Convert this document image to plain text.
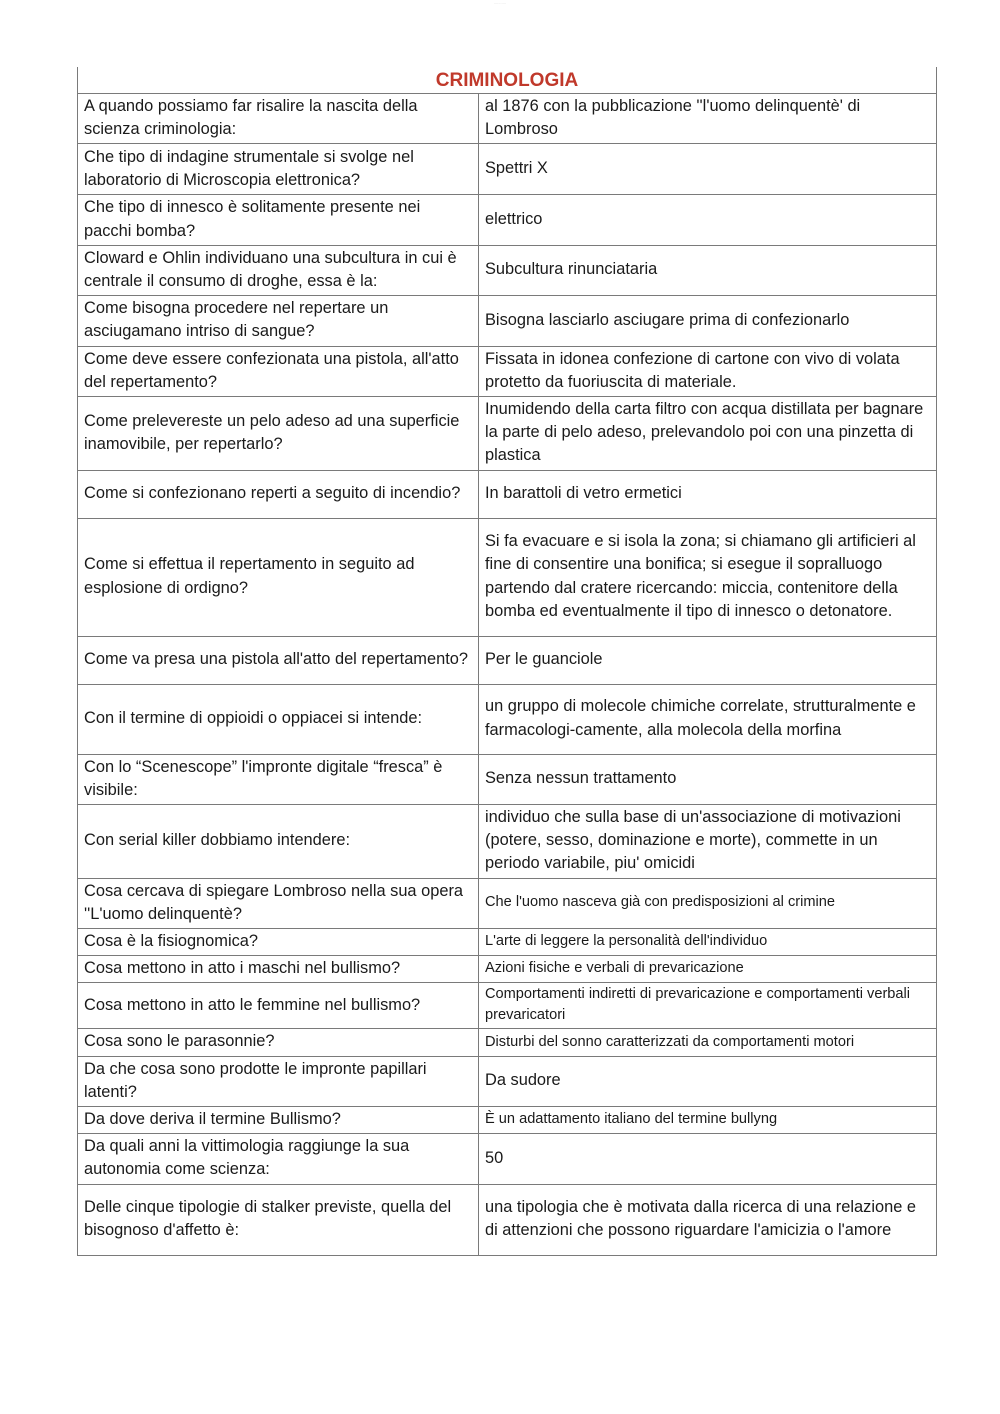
...........
CRIMINOLOGIA	
A quando possiamo far risalire la nascita della scienza criminologia:	al 1876 con la pubblicazione ''l'uomo delinquentè' di Lombroso
Che tipo di indagine strumentale si svolge nel laboratorio di Microscopia elettronica?	Spettri X
Che tipo di innesco è solitamente presente nei pacchi bomba?	elettrico
Cloward e Ohlin individuano una subcultura in cui è centrale il consumo di droghe, essa è la:	Subcultura rinunciataria
Come bisogna procedere nel repertare un asciugamano intriso di sangue?	Bisogna lasciarlo asciugare prima di confezionarlo
Come deve essere confezionata una pistola, all'atto del repertamento?	Fissata in idonea confezione di cartone con vivo di volata protetto da fuoriuscita di materiale.
Come prelevereste un pelo adeso ad una superficie inamovibile, per repertarlo?	Inumidendo della carta filtro con acqua distillata per bagnare la parte di pelo adeso, prelevandolo poi con una pinzetta di plastica
Come si confezionano reperti a seguito di incendio?	In barattoli di vetro ermetici
Come si effettua il repertamento in seguito ad esplosione di ordigno?	Si fa evacuare e si isola la zona; si chiamano gli artificieri al fine di consentire una bonifica; si esegue il sopralluogo partendo dal cratere ricercando: miccia, contenitore della bomba ed eventualmente il tipo di innesco o detonatore.
Come va presa una pistola all'atto del repertamento?	Per le guanciole
Con il termine di oppioidi o oppiacei si intende:	un gruppo di molecole chimiche correlate, strutturalmente e farmacologi-camente, alla molecola della morfina
Con lo “Scenescope” l'impronte digitale “fresca” è visibile:	Senza nessun trattamento
Con serial killer dobbiamo intendere:	individuo che sulla base di un'associazione di motivazioni (potere, sesso, dominazione e morte), commette in un periodo variabile, piu' omicidi
Cosa cercava di spiegare Lombroso nella sua opera ''L'uomo delinquentè?	Che l'uomo nasceva già con predisposizioni al crimine
Cosa è la fisiognomica?	L'arte di leggere la personalità dell'individuo
Cosa mettono in atto i maschi nel bullismo?	Azioni fisiche e verbali di prevaricazione
Cosa mettono in atto le femmine nel bullismo?	Comportamenti indiretti di prevaricazione e comportamenti verbali prevaricatori
Cosa sono le parasonnie?	Disturbi del sonno caratterizzati da comportamenti motori
Da che cosa sono prodotte le impronte papillari latenti?	Da sudore
Da dove deriva il termine Bullismo?	È un adattamento italiano del termine bullyng
Da quali anni la vittimologia raggiunge la sua autonomia come scienza:	50
Delle cinque tipologie di stalker previste, quella del bisognoso d'affetto è:	una tipologia che è motivata dalla ricerca di una relazione e di attenzioni che possono riguardare l'amicizia o l'amore
